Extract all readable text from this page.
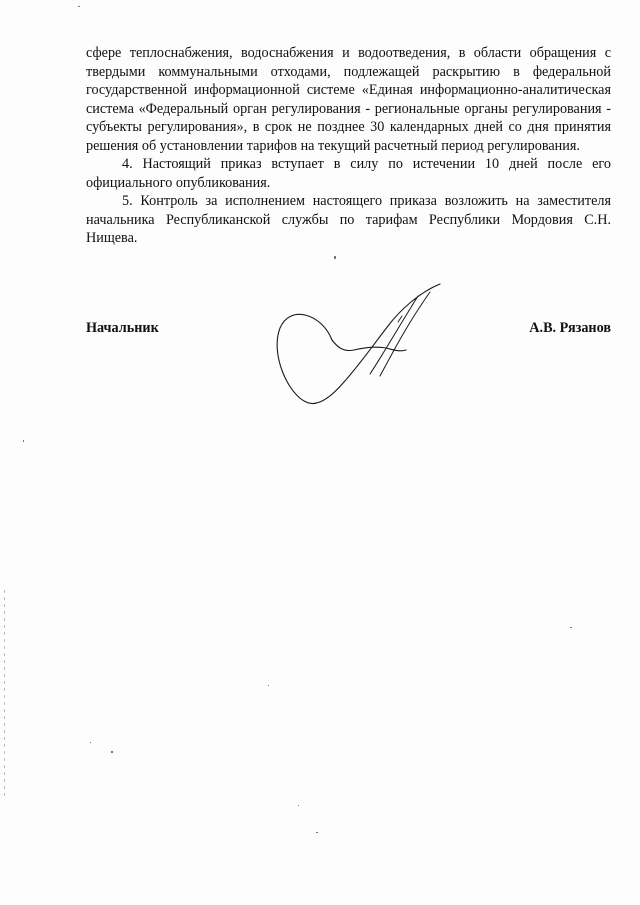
сфере теплоснабжения, водоснабжения и водоотведения, в области обращения с твердыми коммунальными отходами, подлежащей раскрытию в федеральной государственной информационной системе «Единая информационно-аналитическая система «Федеральный орган регулирования - региональные органы регулирования - субъекты регулирования», в срок не позднее 30 календарных дней со дня принятия решения об установлении тарифов на текущий расчетный период регулирования.

4. Настоящий приказ вступает в силу по истечении 10 дней после его официального опубликования.

5. Контроль за исполнением настоящего приказа возложить на заместителя начальника Республиканской службы по тарифам Республики Мордовия С.Н. Нищева.

Начальник	А.В. Рязанов
